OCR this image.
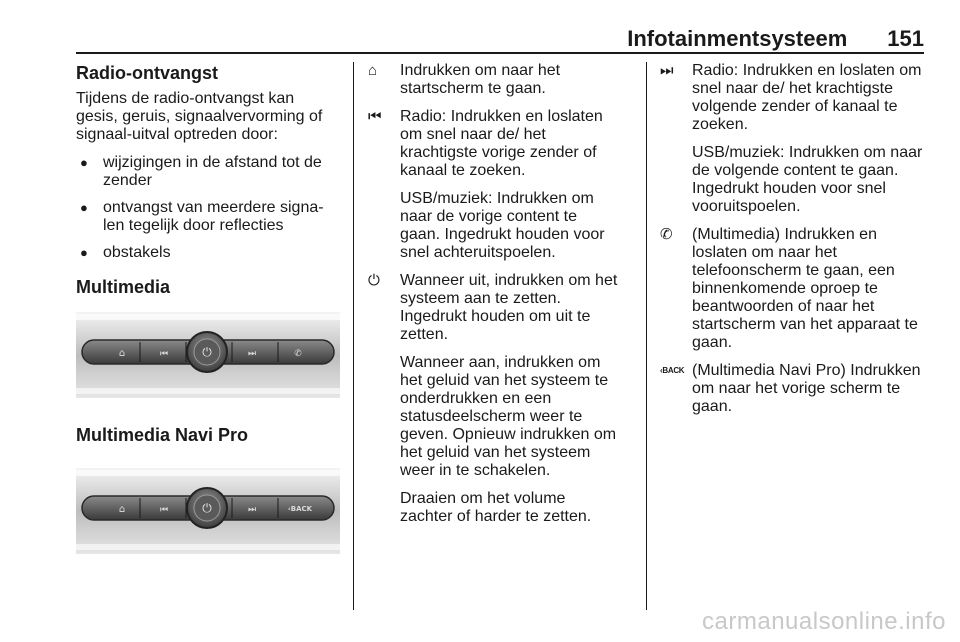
Infotainmentsysteem 151
Radio-ontvangst
Tijdens de radio-ontvangst kan gesis, geruis, signaalvervorming of signaal-uitval optreden door:
● wijzigingen in de afstand tot de zender
● ontvangst van meerdere signa-len tegelijk door reflecties
● obstakels
Multimedia
⏻
⌂	⏮	⏭	✆
Multimedia Navi Pro
⏻
⌂	⏮	⏭	‹BACK
⌂	Indrukken om naar het startscherm te gaan.
⏮	Radio: Indrukken en loslaten om snel naar de/ het krachtigste vorige zender of kanaal te zoeken.
USB/muziek: Indrukken om naar de vorige content te gaan. Ingedrukt houden voor snel achteruitspoelen.
⏻	Wanneer uit, indrukken om het systeem aan te zetten. Ingedrukt houden om uit te zetten.
Wanneer aan, indrukken om het geluid van het systeem te onderdrukken en een statusdeelscherm weer te geven. Opnieuw indrukken om het geluid van het systeem weer in te schakelen.
Draaien om het volume zachter of harder te zetten.
⏭	Radio: Indrukken en loslaten om snel naar de/ het krachtigste volgende zender of kanaal te zoeken.
USB/muziek: Indrukken om naar de volgende content te gaan. Ingedrukt houden voor snel vooruitspoelen.
✆	(Multimedia) Indrukken en loslaten om naar het telefoonscherm te gaan, een binnenkomende oproep te beantwoorden of naar het startscherm van het apparaat te gaan.
‹BACK (Multimedia Navi Pro) Indrukken om naar het vorige scherm te gaan.
carmanualsonline.info
